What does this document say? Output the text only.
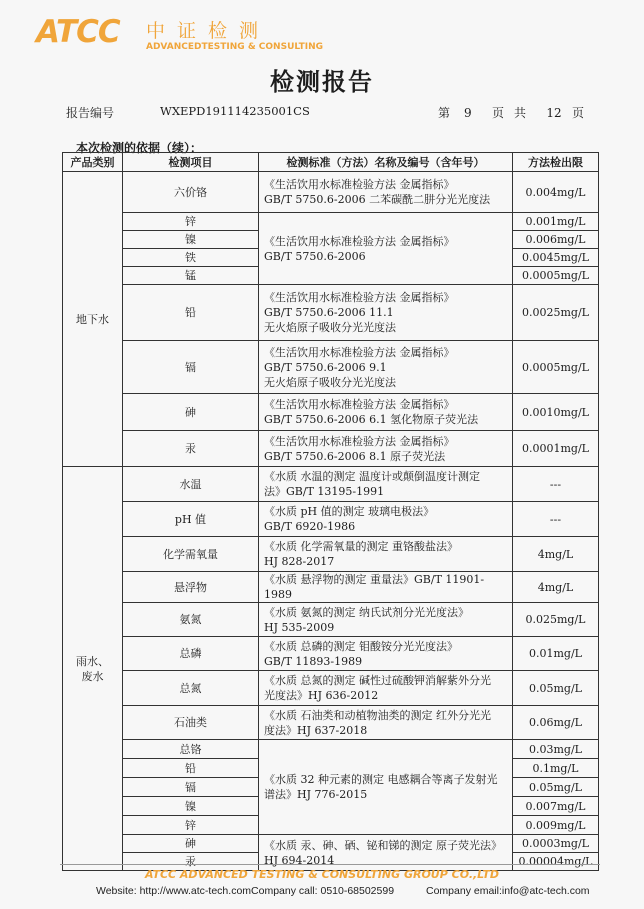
ATCC 中证检测
ADVANCEDTESTING & CONSULTING
检测报告
报告编号	WXEPD191114235001CS	第 9 页 共 12 页
本次检测的依据（续）：
产品类别	检测项目	检测标准（方法）名称及编号（含年号）	方法检出限
地下水	六价铬	《生活饮用水标准检验方法 金属指标》
GB/T 5750.6-2006 二苯碳酰二肼分光光度法	0.004mg/L
	锌	《生活饮用水标准检验方法 金属指标》
GB/T 5750.6-2006	0.001mg/L
	镍		0.006mg/L
	铁		0.0045mg/L
	锰		0.0005mg/L
	铅	《生活饮用水标准检验方法 金属指标》
GB/T 5750.6-2006 11.1
无火焰原子吸收分光光度法	0.0025mg/L
	镉	《生活饮用水标准检验方法 金属指标》
GB/T 5750.6-2006 9.1
无火焰原子吸收分光光度法	0.0005mg/L
	砷	《生活饮用水标准检验方法 金属指标》
GB/T 5750.6-2006 6.1 氢化物原子荧光法	0.0010mg/L
	汞	《生活饮用水标准检验方法 金属指标》
GB/T 5750.6-2006 8.1 原子荧光法	0.0001mg/L
雨水、
废水	水温	《水质 水温的测定 温度计或颠倒温度计测定
法》GB/T 13195-1991	---
	pH 值	《水质 pH 值的测定 玻璃电极法》
GB/T 6920-1986	---
	化学需氧量	《水质 化学需氧量的测定 重铬酸盐法》
HJ 828-2017	4mg/L
	悬浮物	《水质 悬浮物的测定 重量法》GB/T 11901-1989	4mg/L
	氨氮	《水质 氨氮的测定 纳氏试剂分光光度法》
HJ 535-2009	0.025mg/L
	总磷	《水质 总磷的测定 钼酸铵分光光度法》
GB/T 11893-1989	0.01mg/L
	总氮	《水质 总氮的测定 碱性过硫酸钾消解紫外分光
光度法》HJ 636-2012	0.05mg/L
	石油类	《水质 石油类和动植物油类的测定 红外分光光
度法》HJ 637-2018	0.06mg/L
	总铬	《水质 32 种元素的测定 电感耦合等离子发射光
谱法》HJ 776-2015	0.03mg/L
	铅		0.1mg/L
	镉		0.05mg/L
	镍		0.007mg/L
	锌		0.009mg/L
	砷	《水质 汞、砷、硒、铋和锑的测定 原子荧光法》
HJ 694-2014	0.0003mg/L
	汞		0.00004mg/L
ATCC ADVANCED TESTING & CONSULTING GROUP CO.,LTD
Website: http://www.atc-tech.comCompany call: 0510-68502599	Company email:info@atc-tech.com
